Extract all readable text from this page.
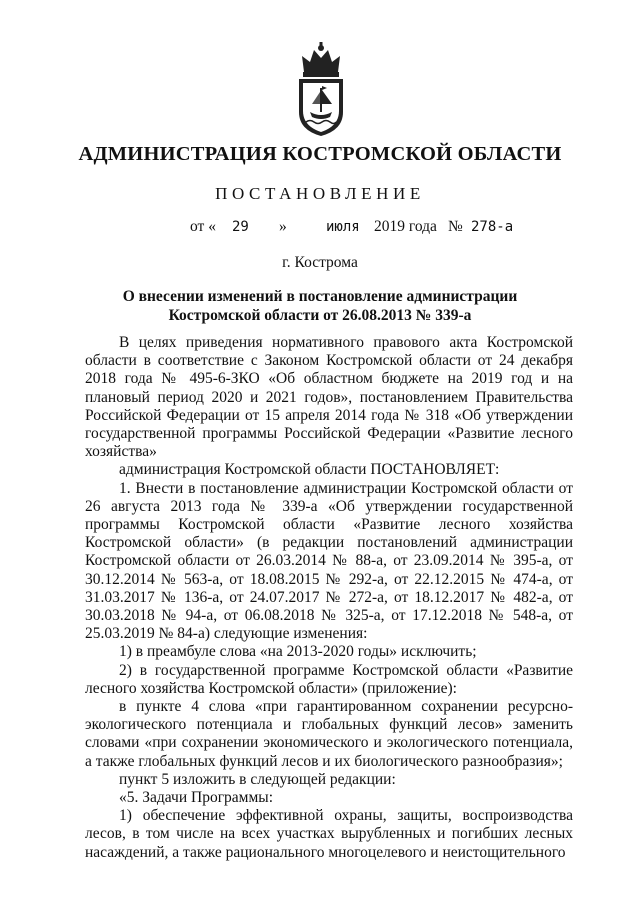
АДМИНИСТРАЦИЯ КОСТРОМСКОЙ ОБЛАСТИ
ПОСТАНОВЛЕНИЕ
от « 29 »	июля 2019 года № 278-а
г. Кострома
О внесении изменений в постановление администрации
Костромской области от 26.08.2013 № 339-а

В целях приведения нормативного правового акта Костромской области в соответствие с Законом Костромской области от 24 декабря 2018 года № 495-6-ЗКО «Об областном бюджете на 2019 год и на плановый период 2020 и 2021 годов», постановлением Правительства Российской Федерации от 15 апреля 2014 года № 318 «Об утверждении государственной программы Российской Федерации «Развитие лесного хозяйства»

администрация Костромской области ПОСТАНОВЛЯЕТ:

1. Внести в постановление администрации Костромской области от 26 августа 2013 года № 339-а «Об утверждении государственной программы Костромской области «Развитие лесного хозяйства Костромской области» (в редакции постановлений администрации Костромской области от 26.03.2014 № 88-а, от 23.09.2014 № 395-а, от 30.12.2014 № 563-а, от 18.08.2015 № 292-а, от 22.12.2015 № 474-а, от 31.03.2017 № 136-а, от 24.07.2017 № 272-а, от 18.12.2017 № 482-а, от 30.03.2018 № 94-а, от 06.08.2018 № 325-а, от 17.12.2018 № 548-а, от 25.03.2019 № 84-а) следующие изменения:

1) в преамбуле слова «на 2013-2020 годы» исключить;

2) в государственной программе Костромской области «Развитие лесного хозяйства Костромской области» (приложение):

в пункте 4 слова «при гарантированном сохранении ресурсно-экологического потенциала и глобальных функций лесов» заменить словами «при сохранении экономического и экологического потенциала, а также глобальных функций лесов и их биологического разнообразия»;

пункт 5 изложить в следующей редакции:

«5. Задачи Программы:

1) обеспечение эффективной охраны, защиты, воспроизводства лесов, в том числе на всех участках вырубленных и погибших лесных насаждений, а также рационального многоцелевого и неистощительного
